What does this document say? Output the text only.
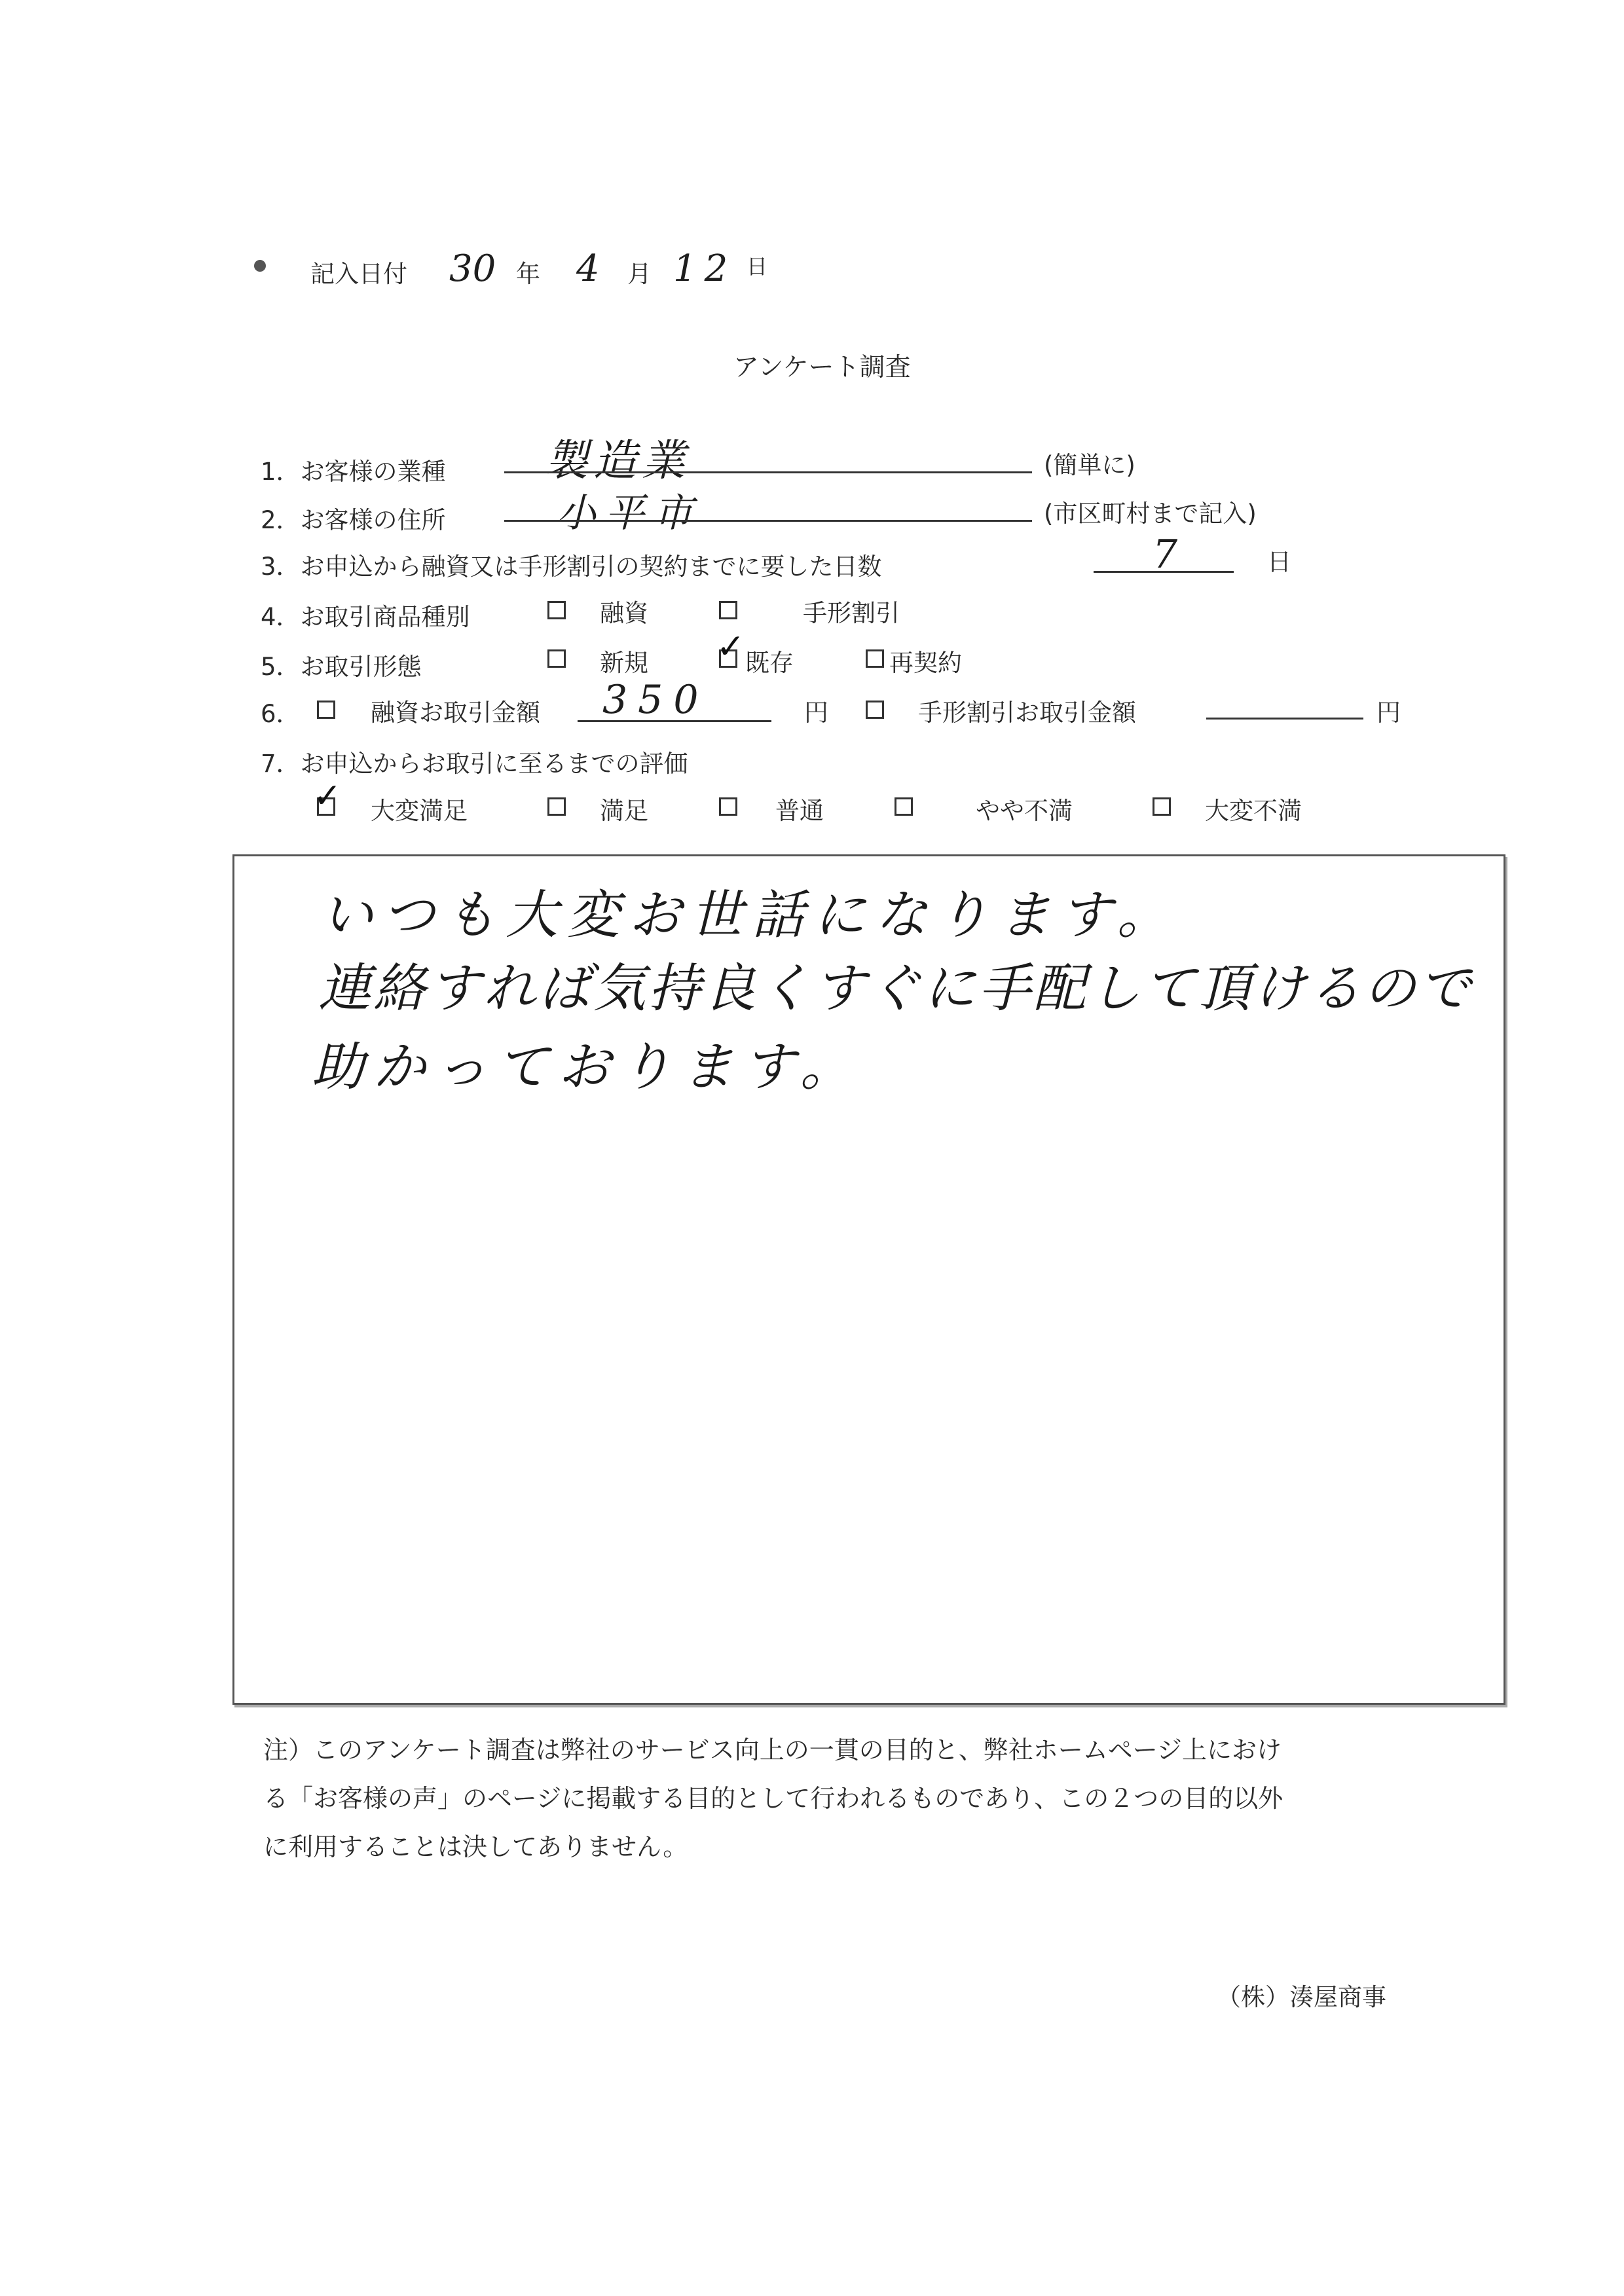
記入日付 30 年 4 月 12 日
アンケート調査
1．お客様の業種 製造業	(簡単に)
2．お客様の住所	小平市	(市区町村まで記入)
3．お申込から融資又は手形割引の契約までに要した日数	7	日
4．お取引商品種別	融資	手形割引
5．お取引形態	新規 ✓ 既存	再契約
6．	融資お取引金額 350	円	手形割引お取引金額	円
7．お申込からお取引に至るまでの評価
✓ 大変満足	満足	普通	やや不満	大変不満
いつも大変お世話になります。
連絡すれば気持良くすぐに手配して頂けるので
助かっております。
注）このアンケート調査は弊社のサービス向上の一貫の目的と、弊社ホームページ上におけ
る「お客様の声」のページに掲載する目的として行われるものであり、この２つの目的以外
に利用することは決してありません。
（株）湊屋商事
